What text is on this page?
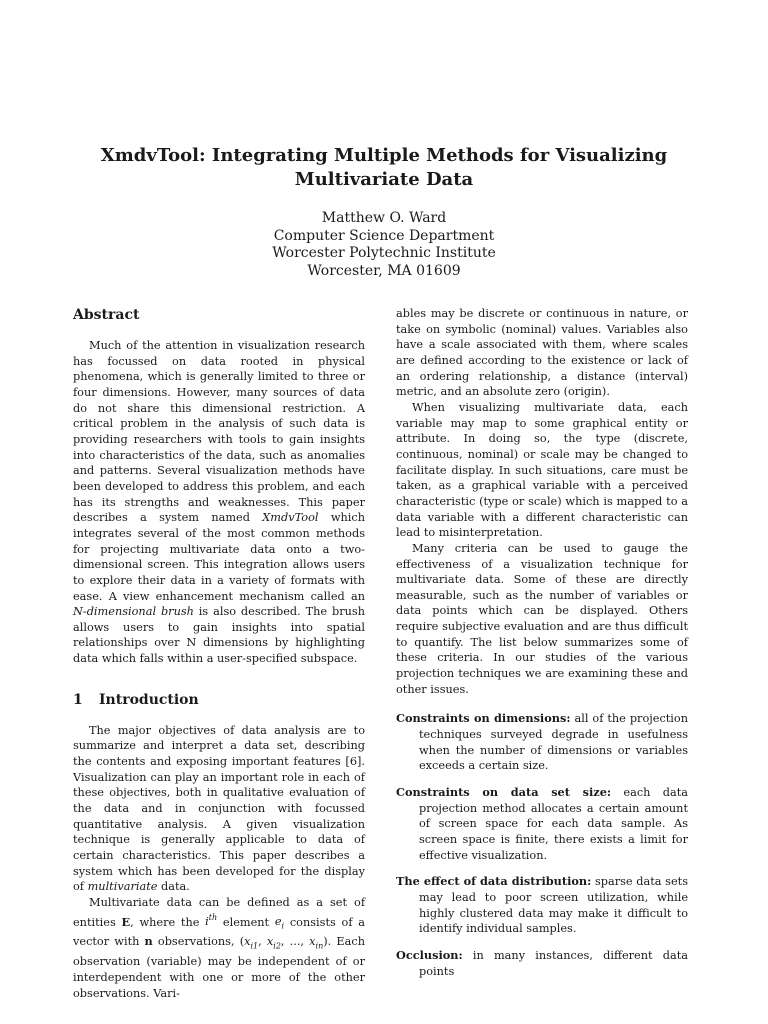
XmdvTool: Integrating Multiple Methods for Visualizing
Multivariate Data

Matthew O. Ward
Computer Science Department
Worcester Polytechnic Institute
Worcester, MA 01609

Abstract

Much of the attention in visualization research has focussed on data rooted in physical phenomena, which is generally limited to three or four dimensions. However, many sources of data do not share this dimensional restriction. A critical problem in the analysis of such data is providing researchers with tools to gain insights into characteristics of the data, such as anomalies and patterns. Several visualization methods have been developed to address this problem, and each has its strengths and weaknesses. This paper describes a system named XmdvTool which integrates several of the most common methods for projecting multivariate data onto a two-dimensional screen. This integration allows users to explore their data in a variety of formats with ease. A view enhancement mechanism called an N-dimensional brush is also described. The brush allows users to gain insights into spatial relationships over N dimensions by highlighting data which falls within a user-specified subspace.

1 Introduction

The major objectives of data analysis are to summarize and interpret a data set, describing the contents and exposing important features [6]. Visualization can play an important role in each of these objectives, both in qualitative evaluation of the data and in conjunction with focussed quantitative analysis. A given visualization technique is generally applicable to data of certain characteristics. This paper describes a system which has been developed for the display of multivariate data.

Multivariate data can be defined as a set of entities E, where the $i^{th}$ element $e_i$ consists of a vector with n observations, ($x_{i1}$, $x_{i2}$, ..., $x_{in}$). Each observation (variable) may be independent of or interdependent with one or more of the other observations. Vari-

ables may be discrete or continuous in nature, or take on symbolic (nominal) values. Variables also have a scale associated with them, where scales are defined according to the existence or lack of an ordering relationship, a distance (interval) metric, and an absolute zero (origin).

When visualizing multivariate data, each variable may map to some graphical entity or attribute. In doing so, the type (discrete, continuous, nominal) or scale may be changed to facilitate display. In such situations, care must be taken, as a graphical variable with a perceived characteristic (type or scale) which is mapped to a data variable with a different characteristic can lead to misinterpretation.

Many criteria can be used to gauge the effectiveness of a visualization technique for multivariate data. Some of these are directly measurable, such as the number of variables or data points which can be displayed. Others require subjective evaluation and are thus difficult to quantify. The list below summarizes some of these criteria. In our studies of the various projection techniques we are examining these and other issues.

Constraints on dimensions: all of the projection techniques surveyed degrade in usefulness when the number of dimensions or variables exceeds a certain size.

Constraints on data set size: each data projection method allocates a certain amount of screen space for each data sample. As screen space is finite, there exists a limit for effective visualization.

The effect of data distribution: sparse data sets may lead to poor screen utilization, while highly clustered data may make it difficult to identify individual samples.

Occlusion: in many instances, different data points
